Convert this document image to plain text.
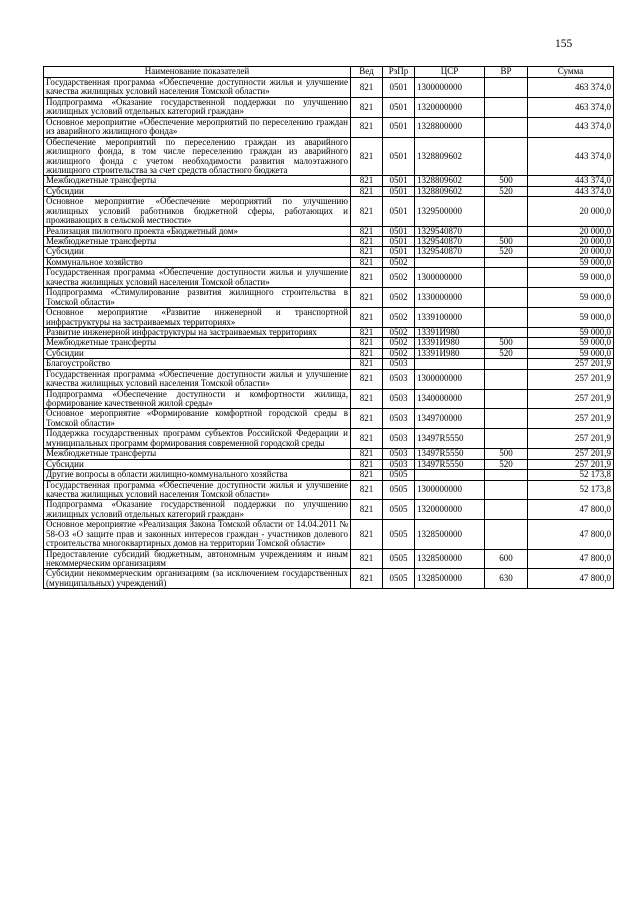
155
Наименование показателей	Вед	РзПр	ЦСР	ВР	Сумма
Государственная программа «Обеспечение доступности жилья и улучшение качества жилищных условий населения Томской области»	821	0501	1300000000		463 374,0
Подпрограмма «Оказание государственной поддержки по улучшению жилищных условий отдельных категорий граждан»	821	0501	1320000000		463 374,0
Основное мероприятие «Обеспечение мероприятий по переселению граждан из аварийного жилищного фонда»	821	0501	1328800000		443 374,0
Обеспечение мероприятий по переселению граждан из аварийного жилищного фонда, в том числе переселению граждан из аварийного жилищного фонда с учетом необходимости развития малоэтажного жилищного строительства за счет средств областного бюджета	821	0501	1328809602		443 374,0
Межбюджетные трансферты	821	0501	1328809602	500	443 374,0
Субсидии	821	0501	1328809602	520	443 374,0
Основное мероприятие «Обеспечение мероприятий по улучшению жилищных условий работников бюджетной сферы, работающих и проживающих в сельской местности»	821	0501	1329500000		20 000,0
Реализация пилотного проекта «Бюджетный дом»	821	0501	1329540870		20 000,0
Межбюджетные трансферты	821	0501	1329540870	500	20 000,0
Субсидии	821	0501	1329540870	520	20 000,0
Коммунальное хозяйство	821	0502			59 000,0
Государственная программа «Обеспечение доступности жилья и улучшение качества жилищных условий населения Томской области»	821	0502	1300000000		59 000,0
Подпрограмма «Стимулирование развития жилищного строительства в Томской области»	821	0502	1330000000		59 000,0
Основное мероприятие «Развитие инженерной и транспортной инфраструктуры на застраиваемых территориях»	821	0502	1339100000		59 000,0
Развитие инженерной инфраструктуры на застраиваемых территориях	821	0502	13391И980		59 000,0
Межбюджетные трансферты	821	0502	13391И980	500	59 000,0
Субсидии	821	0502	13391И980	520	59 000,0
Благоустройство	821	0503			257 201,9
Государственная программа «Обеспечение доступности жилья и улучшение качества жилищных условий населения Томской области»	821	0503	1300000000		257 201,9
Подпрограмма «Обеспечение доступности и комфортности жилища, формирование качественной жилой среды»	821	0503	1340000000		257 201,9
Основное мероприятие «Формирование комфортной городской среды в Томской области»	821	0503	1349700000		257 201,9
Поддержка государственных программ субъектов Российской Федерации и муниципальных программ формирования современной городской среды	821	0503	13497R5550		257 201,9
Межбюджетные трансферты	821	0503	13497R5550	500	257 201,9
Субсидии	821	0503	13497R5550	520	257 201,9
Другие вопросы в области жилищно-коммунального хозяйства	821	0505			52 173,8
Государственная программа «Обеспечение доступности жилья и улучшение качества жилищных условий населения Томской области»	821	0505	1300000000		52 173,8
Подпрограмма «Оказание государственной поддержки по улучшению жилищных условий отдельных категорий граждан»	821	0505	1320000000		47 800,0
Основное мероприятие «Реализация Закона Томской области от 14.04.2011 № 58-ОЗ «О защите прав и законных интересов граждан - участников долевого строительства многоквартирных домов на территории Томской области»	821	0505	1328500000		47 800,0
Предоставление субсидий бюджетным, автономным учреждениям и иным некоммерческим организациям	821	0505	1328500000	600	47 800,0
Субсидии некоммерческим организациям (за исключением государственных (муниципальных) учреждений)	821	0505	1328500000	630	47 800,0
